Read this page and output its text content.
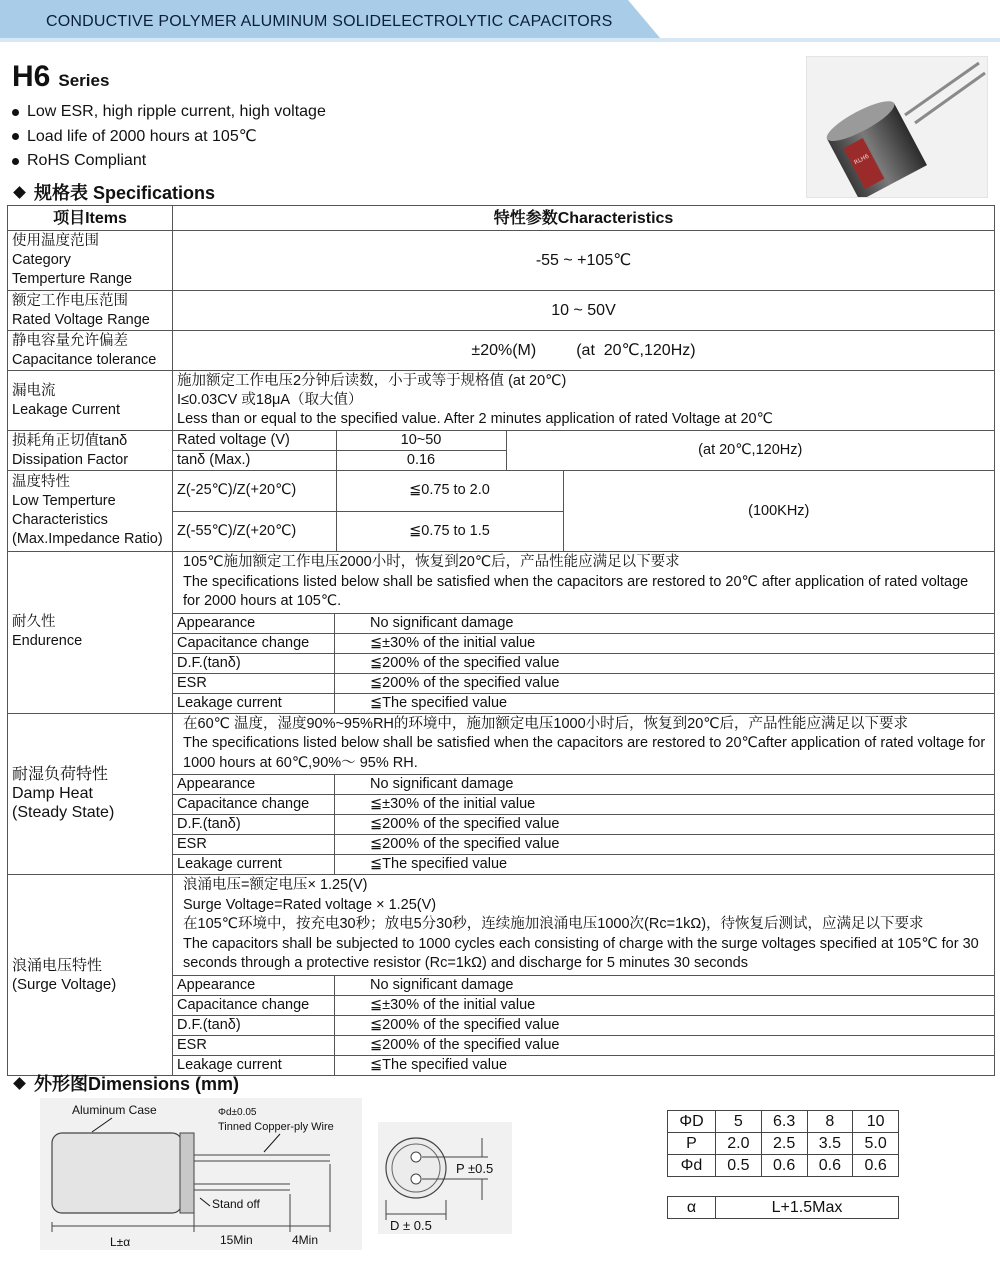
CONDUCTIVE POLYMER ALUMINUM SOLIDELECTROLYTIC CAPACITORS
H6 Series
Low ESR, high ripple current, high voltage
Load life of 2000 hours at 105℃
RoHS Compliant
规格表 Specifications
RLH6
项目Items	特性参数Characteristics

使用温度范围
Category
Temperture Range
	-55 ~ +105℃

额定工作电压范围
Rated Voltage Range
	10 ~ 50V

静电容量允许偏差
Capacitance tolerance
	±20%(M)         (at  20℃,120Hz)

漏电流
Leakage Current

施加额定工作电压2分钟后读数，小于或等于规格值 (at 20℃)
I≤0.03CV 或18μA（取大值）
Less than or equal to the specified value. After 2 minutes application of rated Voltage at 20℃

损耗角正切值tanδ
Dissipation Factor

Rated voltage (V)	10~50	(at 20℃,120Hz)
tanδ (Max.)	0.16

温度特性
Low Temperture
Characteristics
(Max.Impedance Ratio)

Z(-25℃)/Z(+20℃)	≦0.75 to 2.0	(100KHz)
Z(-55℃)/Z(+20℃)	≦0.75 to 1.5

耐久性
Endurence

105℃施加额定工作电压2000小时，恢复到20℃后，产品性能应满足以下要求
The specifications listed below shall be satisfied when the capacitors are restored to 20℃ after application of rated voltage for 2000 hours at 105℃.
Appearance	No significant damage
Capacitance change	≦±30% of the initial value
D.F.(tanδ)	≦200% of the specified value
ESR	≦200% of the specified value
Leakage current	≦The specified value

耐湿负荷特性
Damp Heat
(Steady State)

在60℃ 温度，湿度90%~95%RH的环境中，施加额定电压1000小时后，恢复到20℃后，产品性能应满足以下要求
The specifications listed below shall be satisfied when the capacitors are restored to 20℃after application of rated voltage for 1000 hours at 60℃,90%～ 95% RH.
Appearance	No significant damage
Capacitance change	≦±30% of the initial value
D.F.(tanδ)	≦200% of the specified value
ESR	≦200% of the specified value
Leakage current	≦The specified value

浪涌电压特性
(Surge Voltage)

浪涌电压=额定电压× 1.25(V)
Surge Voltage=Rated voltage × 1.25(V)
在105℃环境中，按充电30秒；放电5分30秒，连续施加浪涌电压1000次(Rc=1kΩ)，待恢复后测试，应满足以下要求
The capacitors shall be subjected to 1000 cycles each consisting of charge with the surge voltages specified at 105℃ for 30 seconds through a protective resistor (Rc=1kΩ) and discharge for 5 minutes 30 seconds
Appearance	No significant damage
Capacitance change	≦±30% of the initial value
D.F.(tanδ)	≦200% of the specified value
ESR	≦200% of the specified value
Leakage current	≦The specified value
外形图Dimensions (mm)
Aluminum Case	Φd±0.05
Tinned Copper-ply Wire
Stand off
L±α	15Min	4Min
P ±0.5
D ± 0.5
ΦD	5	6.3	8	10
P	2.0	2.5	3.5	5.0
Φd	0.5	0.6	0.6	0.6
α	L+1.5Max
